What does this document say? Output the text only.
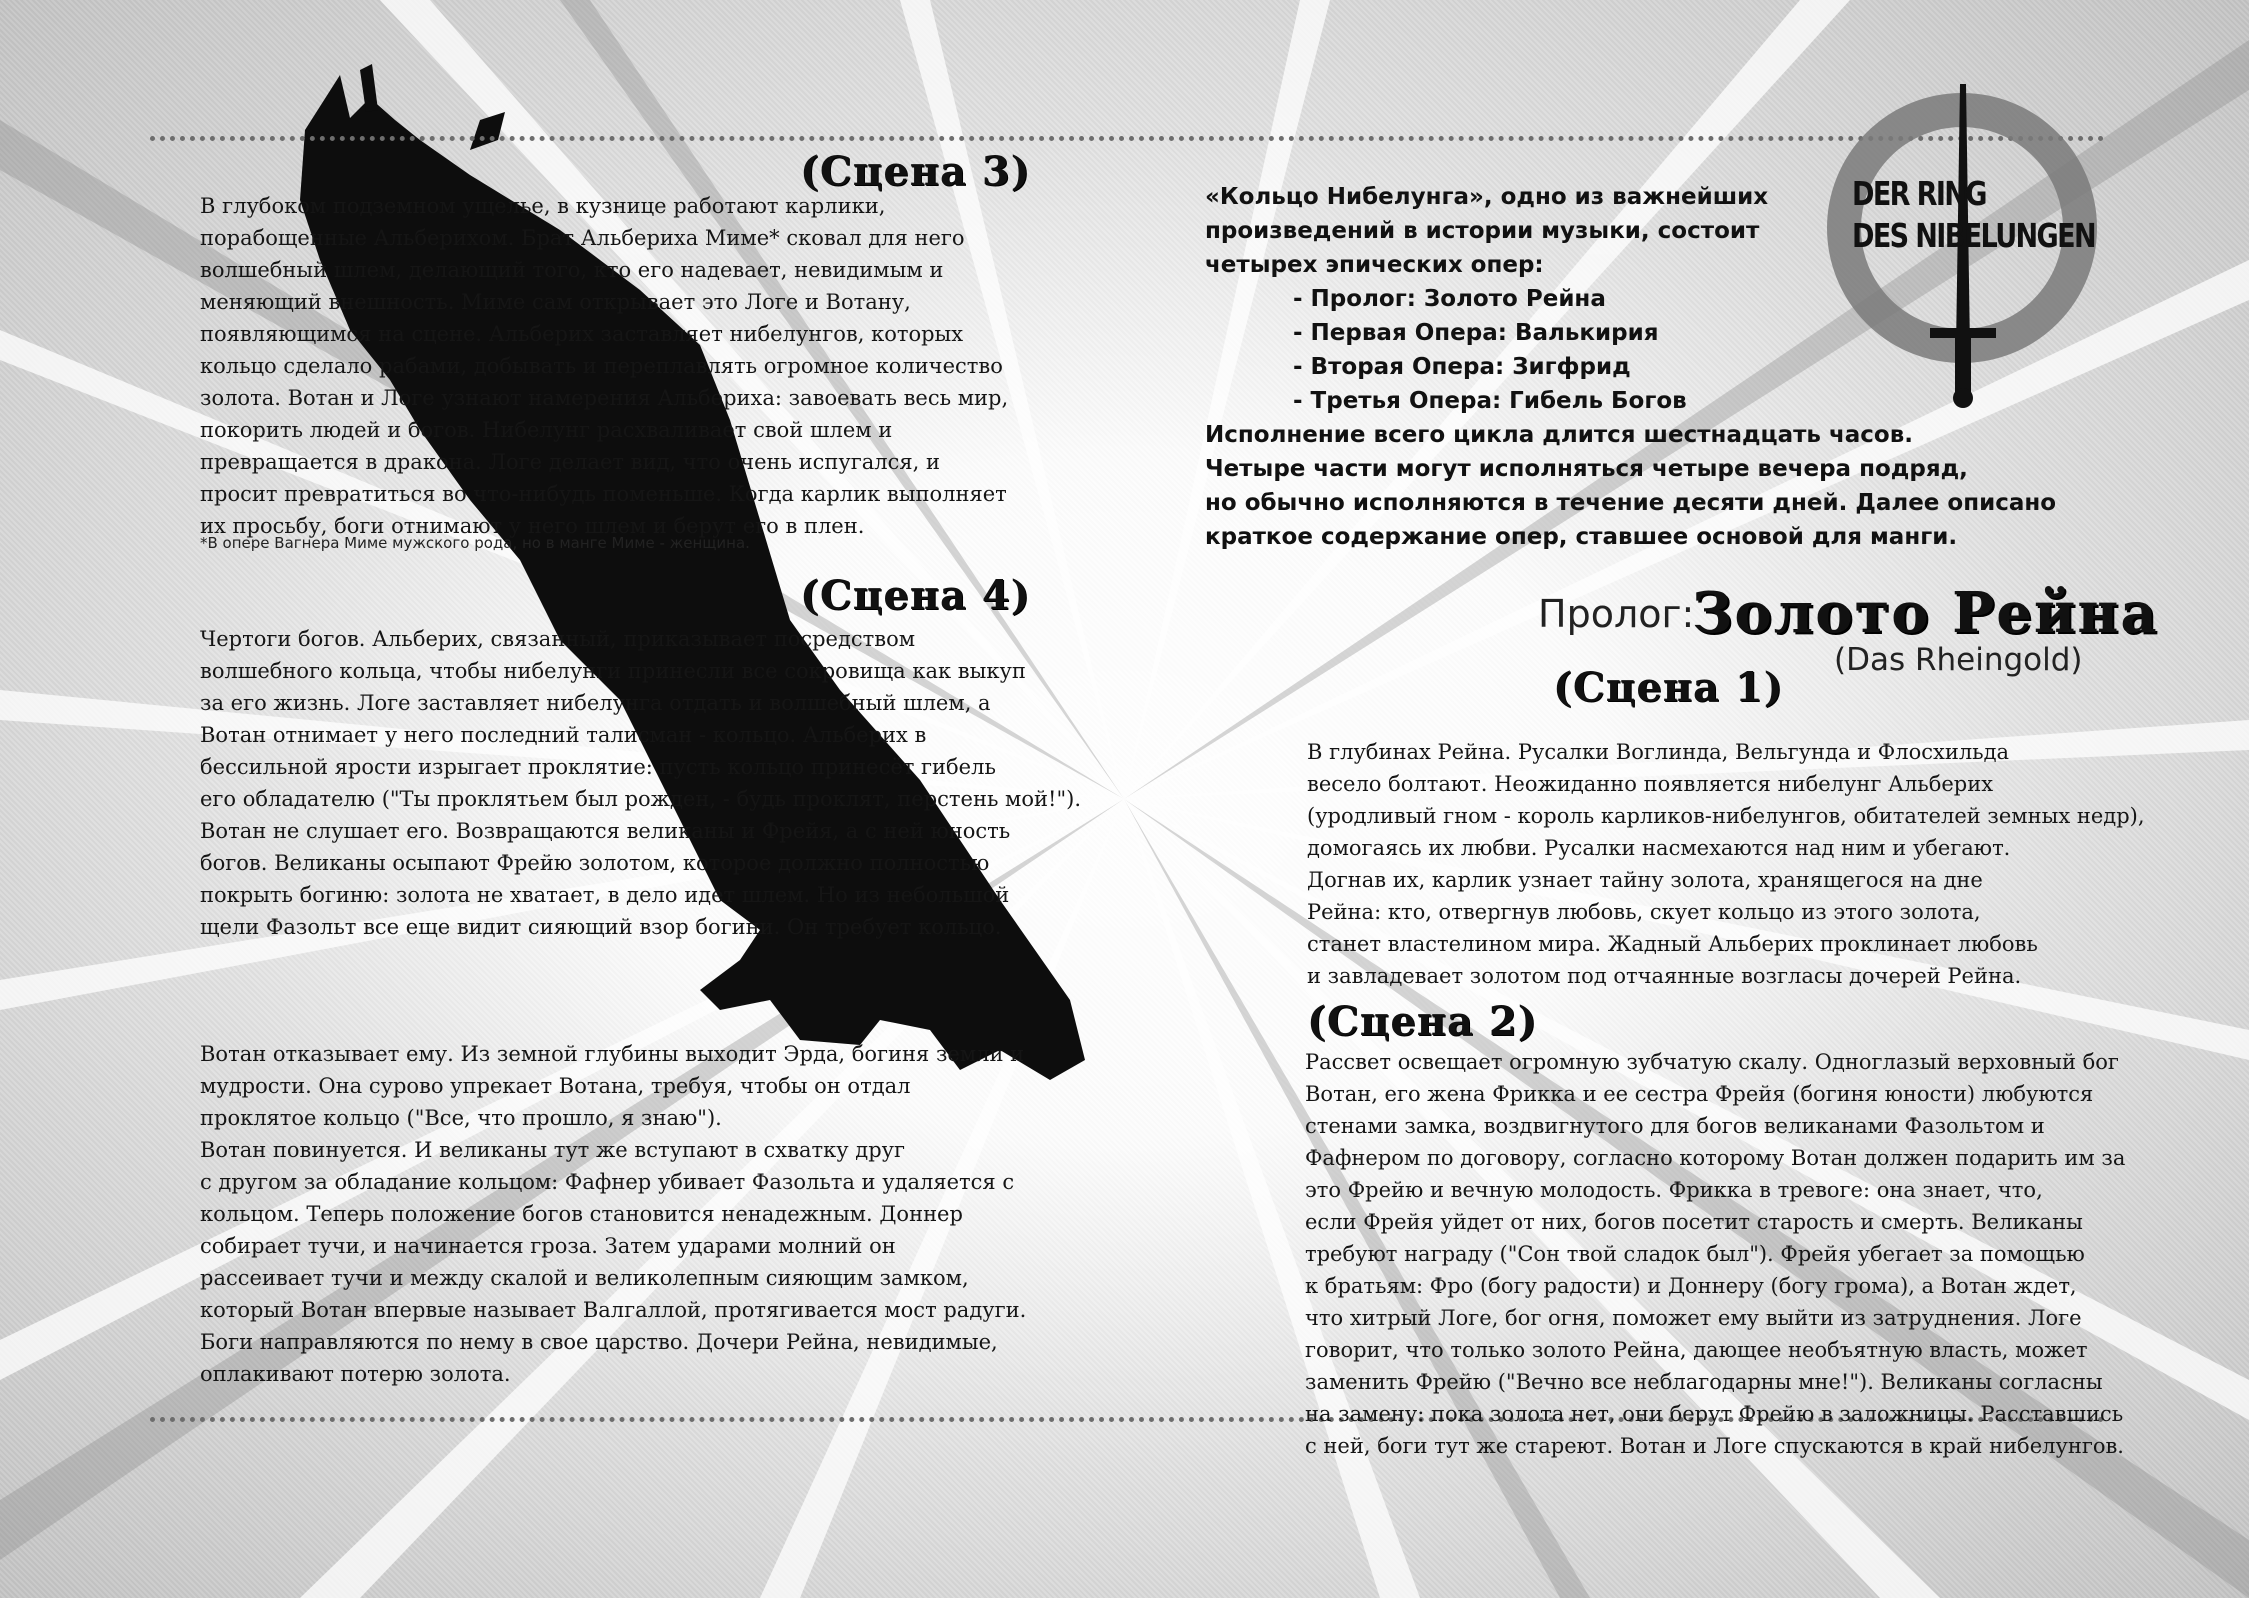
(Сцена 3)

В глубоком подземном ущелье, в кузнице работают карлики,

порабощенные Альберихом. Брат Альбериха Миме* сковал для него

волшебный шлем, делающий того, кто его надевает, невидимым и

меняющий внешность. Миме сам открывает это Логе и Вотану,

появляющимся на сцене. Альберих заставляет нибелунгов, которых

кольцо сделало рабами, добывать и переплавлять огромное количество

золота. Вотан и Логе узнают намерения Альбериха: завоевать весь мир,

покорить людей и богов. Нибелунг расхваливает свой шлем и

превращается в дракона. Логе делает вид, что очень испугался, и

просит превратиться во что-нибудь поменьше. Когда карлик выполняет

их просьбу, боги отнимают у него шлем и берут его в плен.

*В опере Вагнера Миме мужского рода, но в манге Миме - женщина.
(Сцена 4)

Чертоги богов. Альберих, связанный, приказывает посредством

волшебного кольца, чтобы нибелунги принесли все сокровища как выкуп

за его жизнь. Логе заставляет нибелунга отдать и волшебный шлем, а

Вотан отнимает у него последний талисман - кольцо. Альберих в

бессильной ярости изрыгает проклятие: пусть кольцо принесёт гибель

его обладателю ("Ты проклятьем был рожден, - будь проклят, перстень мой!").

Вотан не слушает его. Возвращаются великаны и Фрейя, а с ней юность

богов. Великаны осыпают Фрейю золотом, которое должно полностью

покрыть богиню: золота не хватает, в дело идет шлем. Но из небольшой

щели Фазольт все еще видит сияющий взор богини. Он требует кольцо.

Вотан отказывает ему. Из земной глубины выходит Эрда, богиня земли и

мудрости. Она сурово упрекает Вотана, требуя, чтобы он отдал

проклятое кольцо ("Все, что прошло, я знаю").

Вотан повинуется. И великаны тут же вступают в схватку друг

с другом за обладание кольцом: Фафнер убивает Фазольта и удаляется с

кольцом. Теперь положение богов становится ненадежным. Доннер

собирает тучи, и начинается гроза. Затем ударами молний он

рассеивает тучи и между скалой и великолепным сияющим замком,

который Вотан впервые называет Валгаллой, протягивается мост радуги.

Боги направляются по нему в свое царство. Дочери Рейна, невидимые,

оплакивают потерю золота.

DER RING
DES NIBELUNGEN

«Кольцо Нибелунга», одно из важнейших

произведений в истории музыки, состоит

четырех эпических опер:

- Пролог: Золото Рейна

- Первая Опера: Валькирия

- Вторая Опера: Зигфрид

- Третья Опера: Гибель Богов

Исполнение всего цикла длится шестнадцать часов.

Четыре части могут исполняться четыре вечера подряд,

но обычно исполняются в течение десяти дней. Далее описано

краткое содержание опер, ставшее основой для манги.

Пролог:
Золото Рейна
(Das Rheingold)
(Сцена 1)

В глубинах Рейна. Русалки Воглинда, Вельгунда и Флосхильда

весело болтают. Неожиданно появляется нибелунг Альберих

(уродливый гном - король карликов-нибелунгов, обитателей земных недр),

домогаясь их любви. Русалки насмехаются над ним и убегают.

Догнав их, карлик узнает тайну золота, хранящегося на дне

Рейна: кто, отвергнув любовь, скует кольцо из этого золота,

станет властелином мира. Жадный Альберих проклинает любовь

и завладевает золотом под отчаянные возгласы дочерей Рейна.

(Сцена 2)

Рассвет освещает огромную зубчатую скалу. Одноглазый верховный бог

Вотан, его жена Фрикка и ее сестра Фрейя (богиня юности) любуются

стенами замка, воздвигнутого для богов великанами Фазольтом и

Фафнером по договору, согласно которому Вотан должен подарить им за

это Фрейю и вечную молодость. Фрикка в тревоге: она знает, что,

если Фрейя уйдет от них, богов посетит старость и смерть. Великаны

требуют награду ("Сон твой сладок был"). Фрейя убегает за помощью

к братьям: Фро (богу радости) и Доннеру (богу грома), а Вотан ждет,

что хитрый Логе, бог огня, поможет ему выйти из затруднения. Логе

говорит, что только золото Рейна, дающее необъятную власть, может

заменить Фрейю ("Вечно все неблагодарны мне!"). Великаны согласны

на замену: пока золота нет, они берут Фрейю в заложницы. Расставшись

с ней, боги тут же стареют. Вотан и Логе спускаются в край нибелунгов.
